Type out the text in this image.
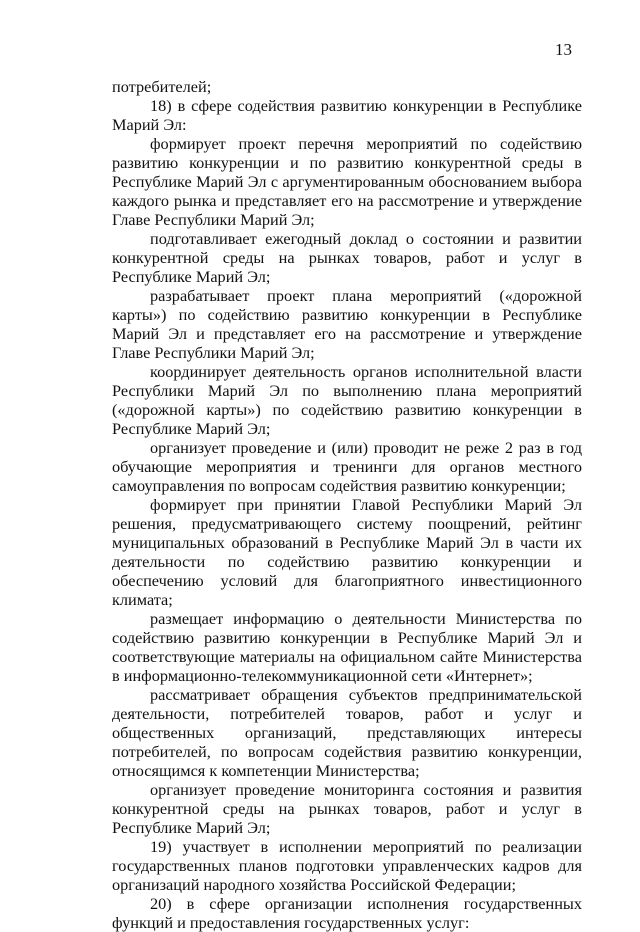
13

потребителей;

18) в сфере содействия развитию конкуренции в Республике Марий Эл:

формирует проект перечня мероприятий по содействию развитию конкуренции и по развитию конкурентной среды в Республике Марий Эл с аргументированным обоснованием выбора каждого рынка и представляет его на рассмотрение и утверждение Главе Республики Марий Эл;

подготавливает ежегодный доклад о состоянии и развитии конкурентной среды на рынках товаров, работ и услуг в Республике Марий Эл;

разрабатывает проект плана мероприятий («дорожной карты») по содействию развитию конкуренции в Республике Марий Эл и представляет его на рассмотрение и утверждение Главе Республики Марий Эл;

координирует деятельность органов исполнительной власти Республики Марий Эл по выполнению плана мероприятий («дорожной карты») по содействию развитию конкуренции в Республике Марий Эл;

организует проведение и (или) проводит не реже 2 раз в год обучающие мероприятия и тренинги для органов местного самоуправления по вопросам содействия развитию конкуренции;

формирует при принятии Главой Республики Марий Эл решения, предусматривающего систему поощрений, рейтинг муниципальных образований в Республике Марий Эл в части их деятельности по содействию развитию конкуренции и обеспечению условий для благоприятного инвестиционного климата;

размещает информацию о деятельности Министерства по содействию развитию конкуренции в Республике Марий Эл и соответствующие материалы на официальном сайте Министерства в информационно-телекоммуникационной сети «Интернет»;

рассматривает обращения субъектов предпринимательской деятельности, потребителей товаров, работ и услуг и общественных организаций, представляющих интересы потребителей, по вопросам содействия развитию конкуренции, относящимся к компетенции Министерства;

организует проведение мониторинга состояния и развития конкурентной среды на рынках товаров, работ и услуг в Республике Марий Эл;

19) участвует в исполнении мероприятий по реализации государственных планов подготовки управленческих кадров для организаций народного хозяйства Российской Федерации;

20) в сфере организации исполнения государственных функций и предоставления государственных услуг:
